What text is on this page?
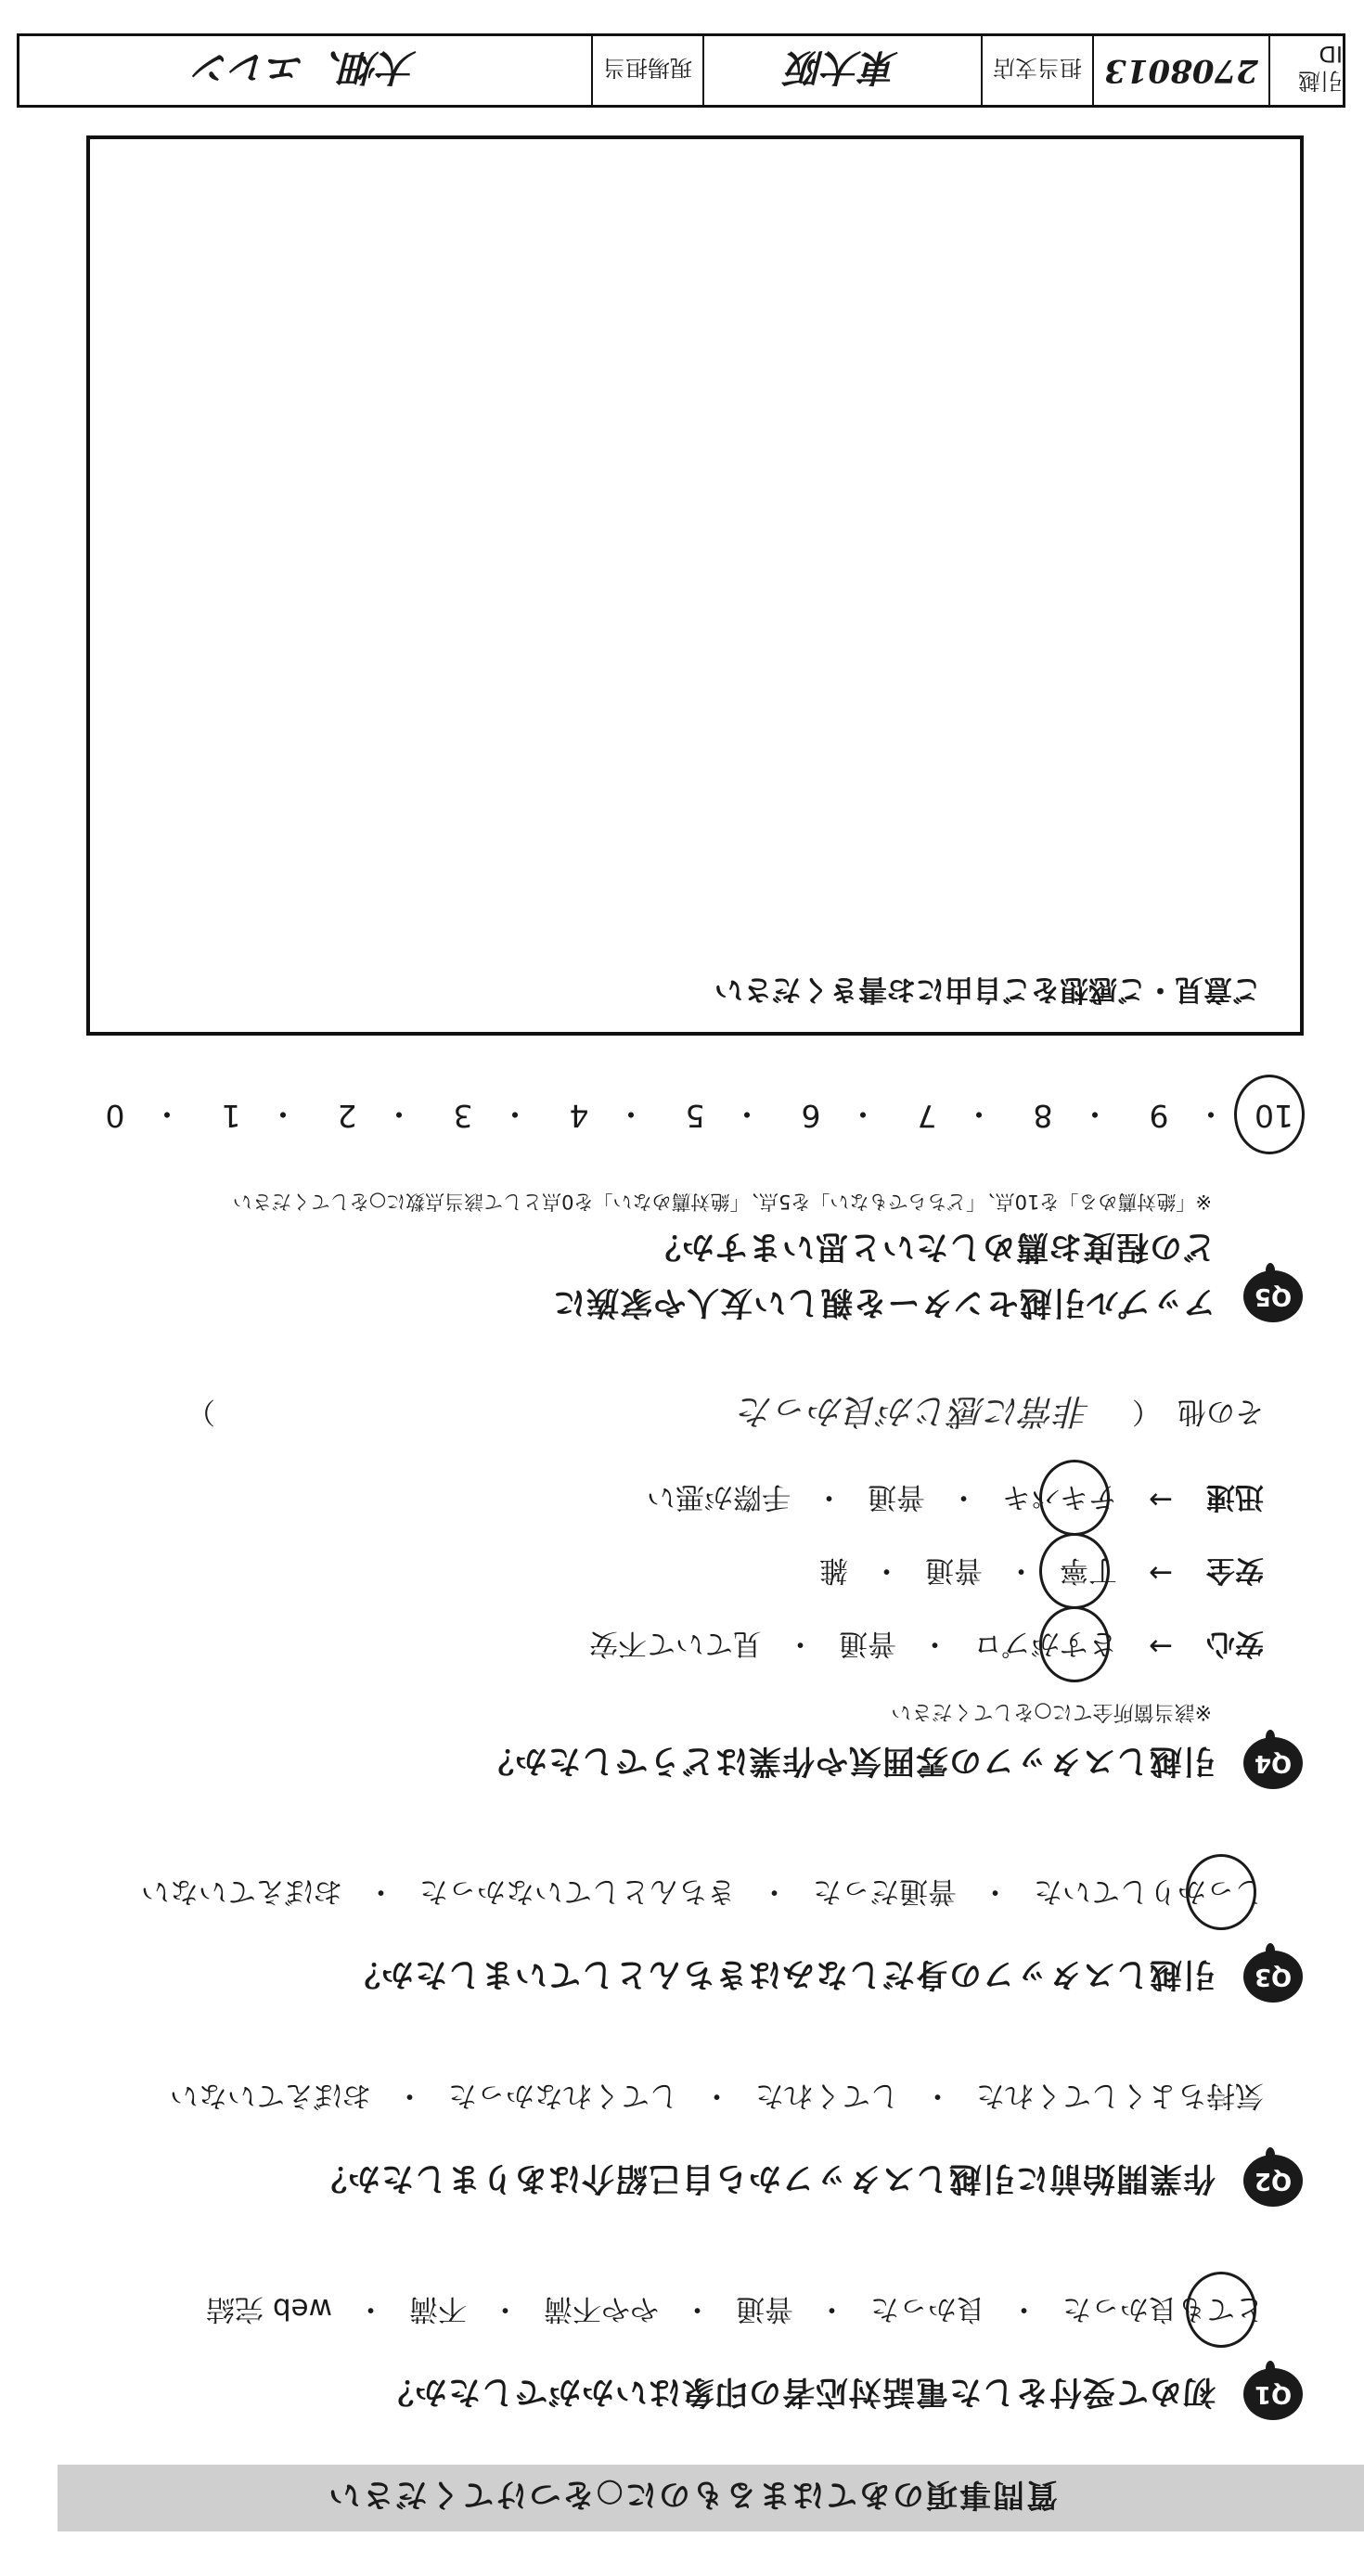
質問事項のあてはまるものに○をつけてください
Q1
初めて受付をした電話対応者の印象はいかがでしたか？
とても良かった
・
良かった
・
普通
・
やや不満
・
不満
・
web 完結
Q2
作業開始前に引越しスタッフから自己紹介はありましたか？
気持ちよくしてくれた
・
してくれた
・
してくれなかった
・
おぼえていない
Q3
引越しスタッフの身だしなみはきちんとしていましたか？
しっかりしていた
・
普通だった
・
きちんとしていなかった
・
おぼえていない
Q4
引越しスタッフの雰囲気や作業はどうでしたか？
※該当箇所全てに○をしてください
安心
→
さすがプロ
・
普通
・
見ていて不安
安全
→
丁寧
・
普通
・
雑
迅速
→
テキパキ
・
普通
・
手際が悪い
その他
（
非常に感じが良かった
）
Q5
アップル引越センターを親しい友人や家族に
どの程度お薦めしたいと思いますか？
※「絶対薦める」を10点、「どちらでもない」を5点、「絶対薦めない」を0点として該当点数に○をしてください
10
・
9
・
8
・
7
・
6
・
5
・
4
・
3
・
2
・
1
・
0
ご意見・ご感想をご自由にお書きください
引越 ID
2708013
担当支店
東大阪
現場担当
大畑、エレン
